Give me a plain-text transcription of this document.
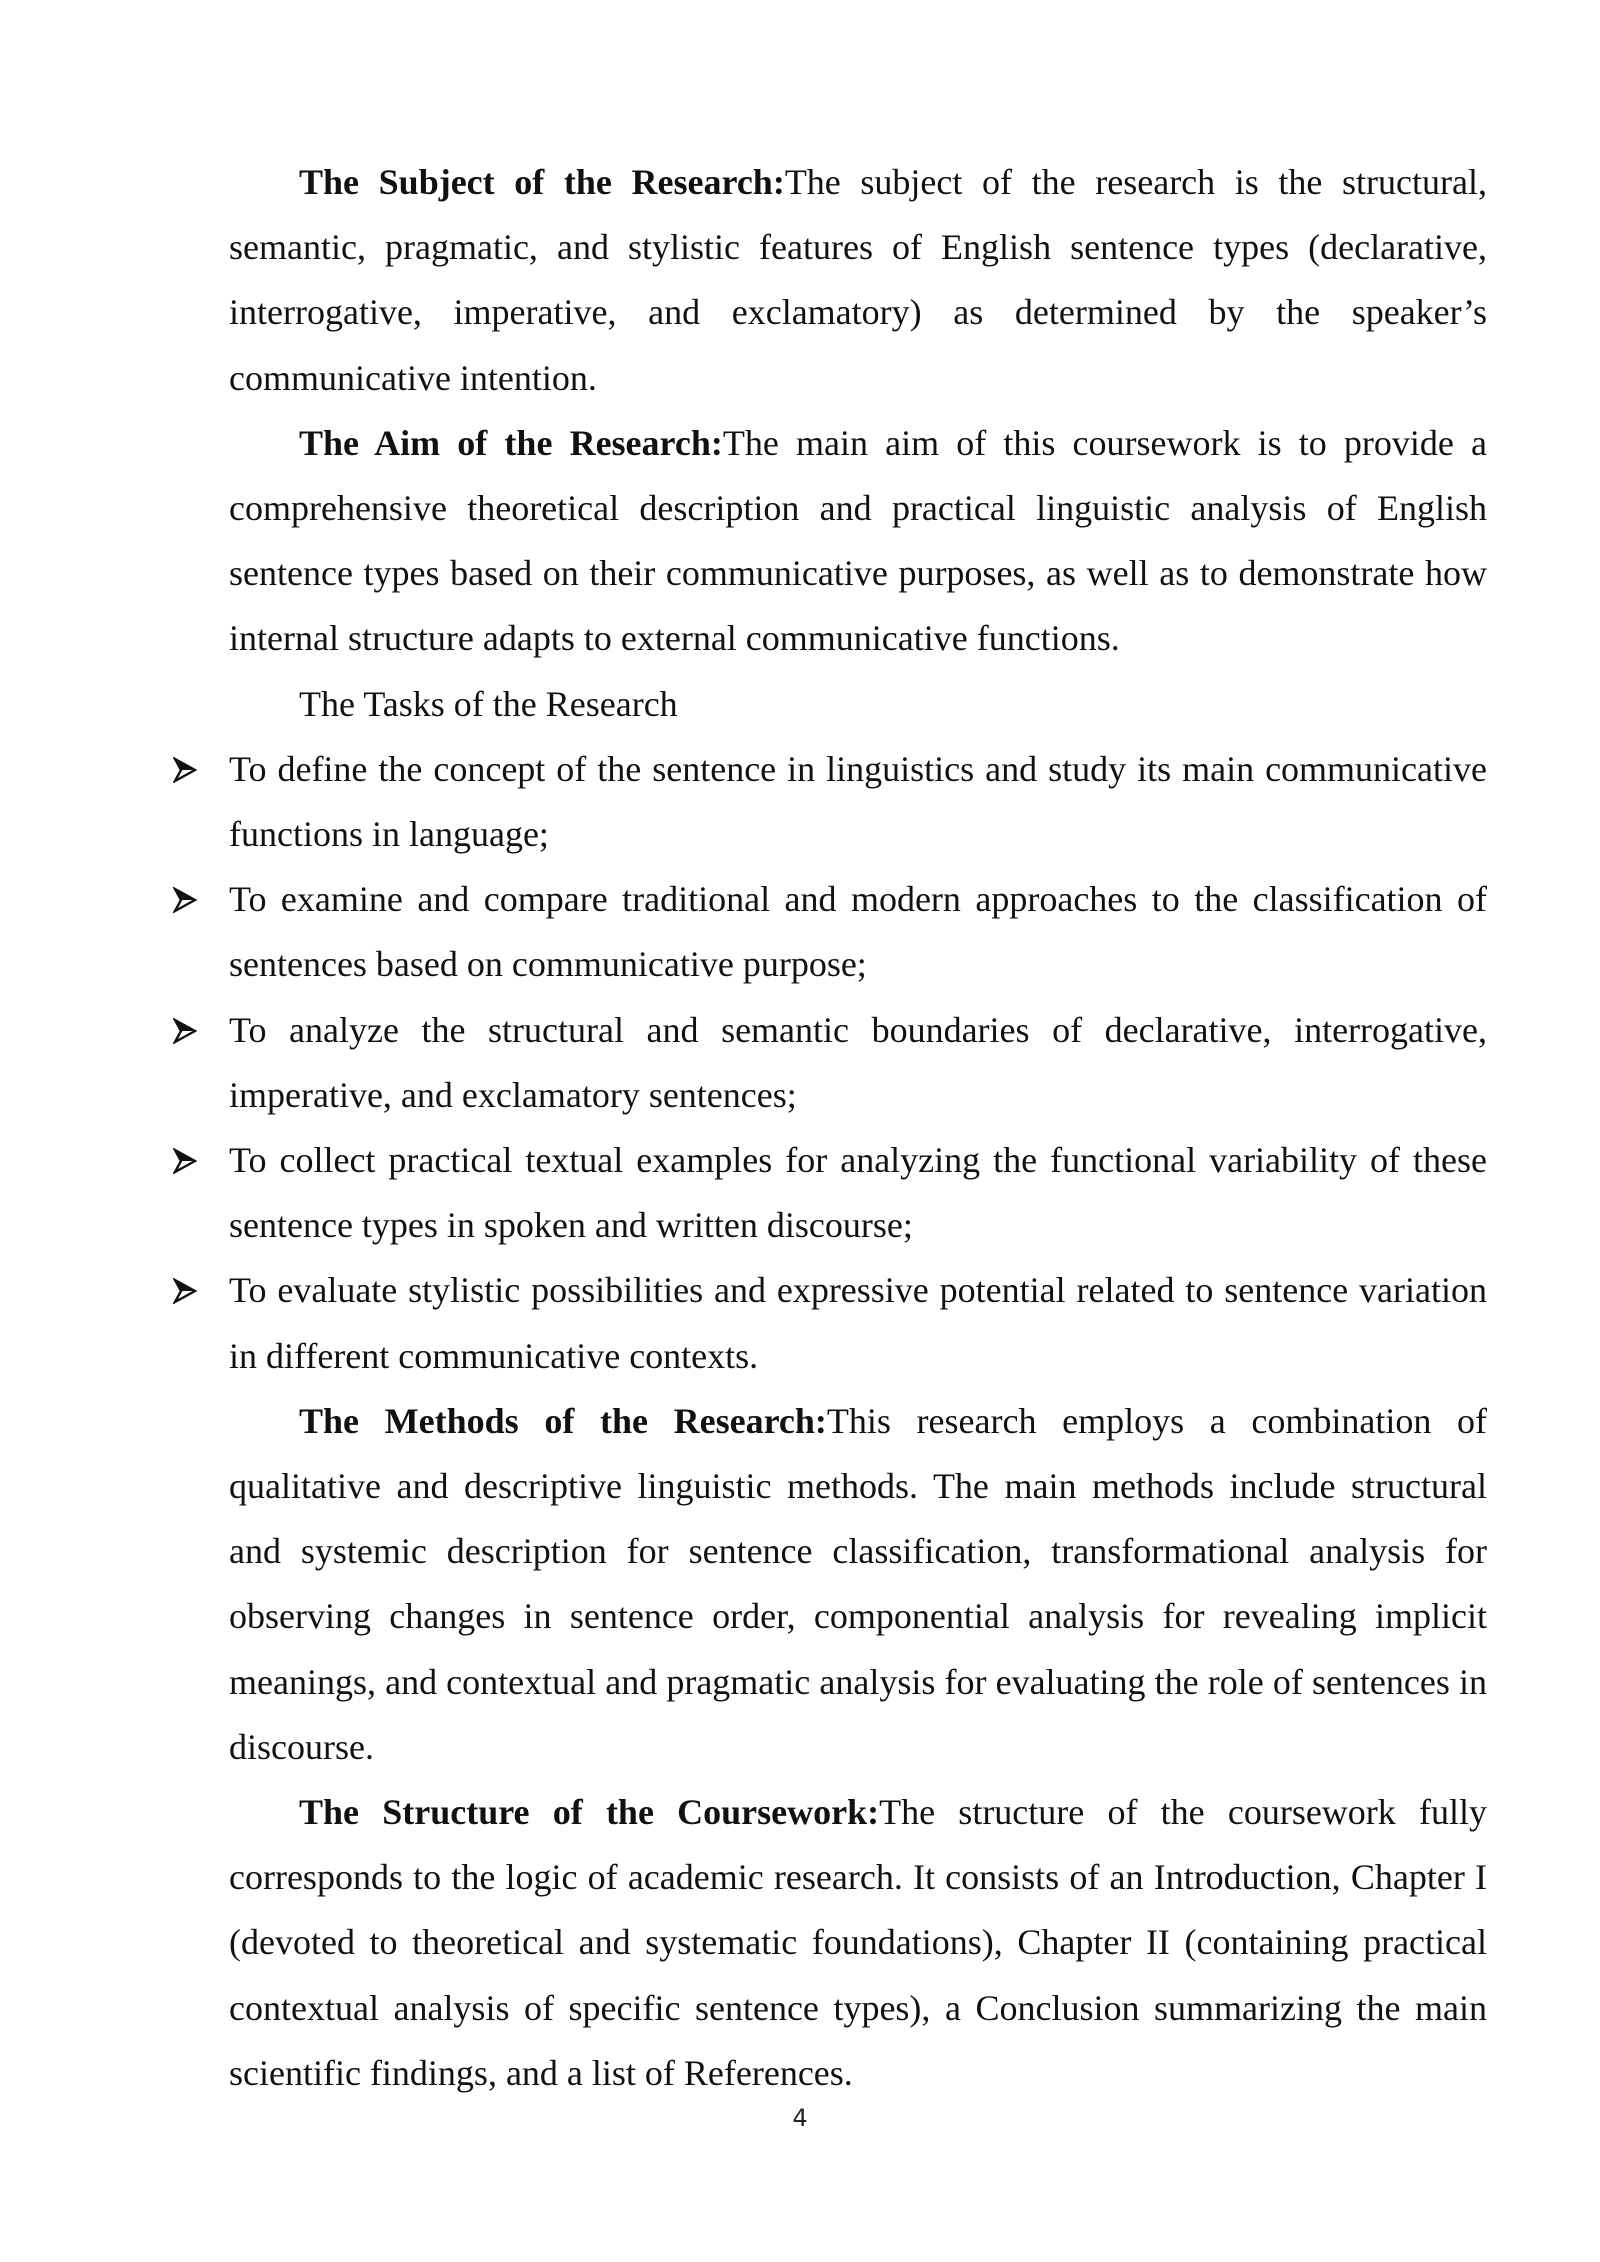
The Subject of the Research:The subject of the research is the structural, semantic, pragmatic, and stylistic features of English sentence types (declarative, interrogative, imperative, and exclamatory) as determined by the speaker’s communicative intention.

The Aim of the Research:The main aim of this coursework is to provide a comprehensive theoretical description and practical linguistic analysis of English sentence types based on their communicative purposes, as well as to demonstrate how internal structure adapts to external communicative functions.

The Tasks of the Research

To define the concept of the sentence in linguistics and study its main communicative functions in language;
To examine and compare traditional and modern approaches to the classification of sentences based on communicative purpose;
To analyze the structural and semantic boundaries of declarative, interrogative, imperative, and exclamatory sentences;
To collect practical textual examples for analyzing the functional variability of these sentence types in spoken and written discourse;
To evaluate stylistic possibilities and expressive potential related to sentence variation in different communicative contexts.

The Methods of the Research:This research employs a combination of qualitative and descriptive linguistic methods. The main methods include structural and systemic description for sentence classification, transformational analysis for observing changes in sentence order, componential analysis for revealing implicit meanings, and contextual and pragmatic analysis for evaluating the role of sentences in discourse.

The Structure of the Coursework:The structure of the coursework fully corresponds to the logic of academic research. It consists of an Introduction, Chapter I (devoted to theoretical and systematic foundations), Chapter II (containing practical contextual analysis of specific sentence types), a Conclusion summarizing the main scientific findings, and a list of References.

4
